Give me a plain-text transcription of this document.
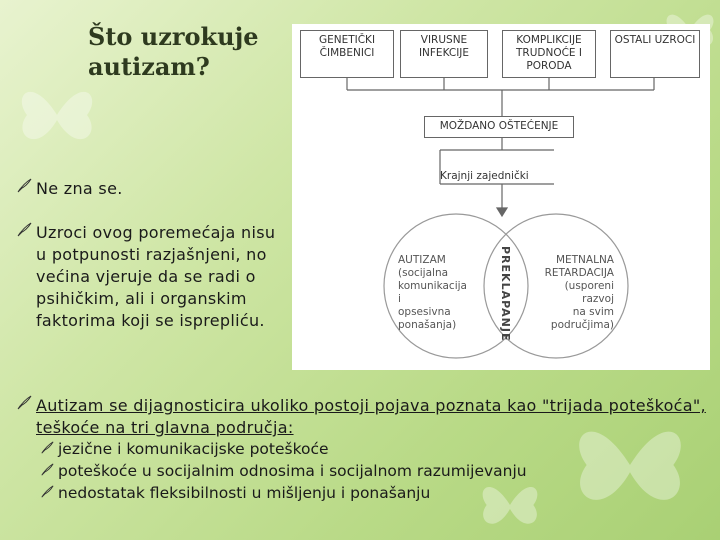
Što uzrokuje autizam?
Ne zna se.
Uzroci ovog poremećaja nisu u potpunosti razjašnjeni, no većina vjeruje da se radi o psihičkim, ali i organskim faktorima koji se isprepliću.
Autizam se dijagnosticira ukoliko postoji pojava poznata kao "trijada poteškoća", teškoće na tri glavna područja:
jezične i komunikacijske poteškoće
poteškoće u socijalnim odnosima i socijalnom razumijevanju
nedostatak fleksibilnosti u mišljenju i ponašanju
GENETIČKI ČIMBENICI
VIRUSNE INFEKCIJE
KOMPLIKCIJE TRUDNOĆE I PORODA
OSTALI UZROCI
MOŽDANO OŠTEĆENJE
Krajnji zajednički
AUTIZAM
(socijalna
komunikacija
i
opsesivna
ponašanja)	PREKLAPANJE	METNALNA RETARDACIJA
(usporeni
razvoj
na svim
područjima)
